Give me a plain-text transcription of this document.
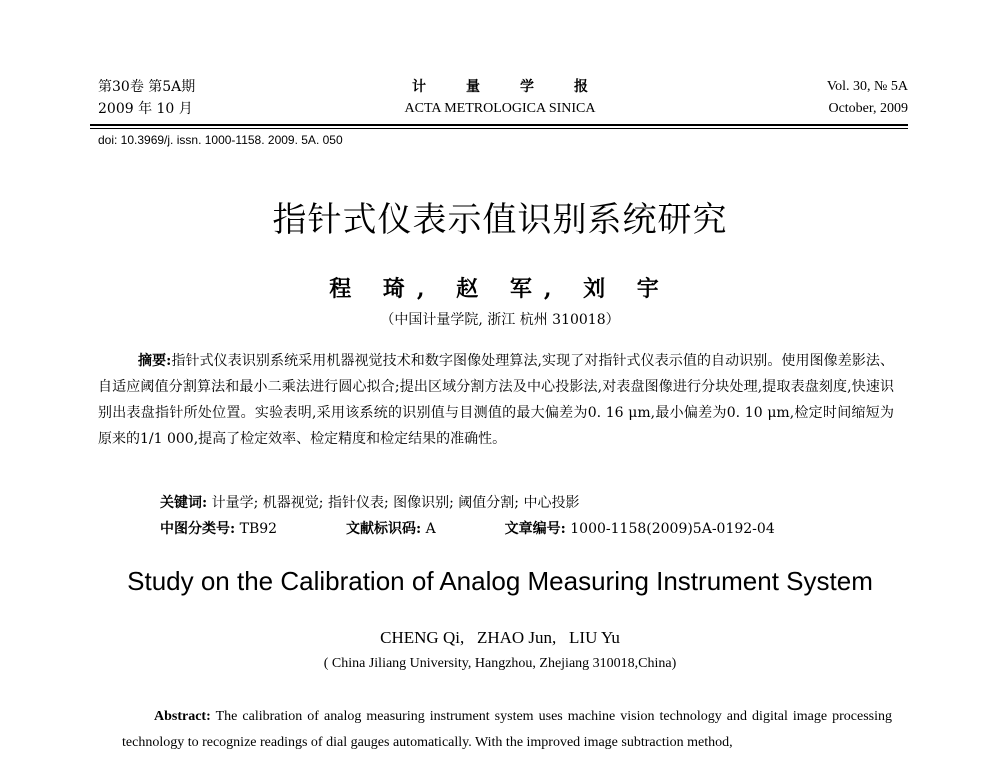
第30卷 第5A期
2009 年 10 月
计量学报
ACTA METROLOGICA SINICA
Vol. 30, № 5A
October, 2009
doi: 10.3969/j. issn. 1000-1158. 2009. 5A. 050
指针式仪表示值识别系统研究
程 琦, 赵 军, 刘 宇
（中国计量学院, 浙江 杭州 310018）
摘要:指针式仪表识别系统采用机器视觉技术和数字图像处理算法,实现了对指针式仪表示值的自动识别。使用图像差影法、自适应阈值分割算法和最小二乘法进行圆心拟合;提出区域分割方法及中心投影法,对表盘图像进行分块处理,提取表盘刻度,快速识别出表盘指针所处位置。实验表明,采用该系统的识别值与目测值的最大偏差为0. 16 μm,最小偏差为0. 10 μm,检定时间缩短为原来的1/1 000,提高了检定效率、检定精度和检定结果的准确性。
关键词: 计量学; 机器视觉; 指针仪表; 图像识别; 阈值分割; 中心投影
中图分类号: TB92	文献标识码: A	文章编号: 1000-1158(2009)5A-0192-04
Study on the Calibration of Analog Measuring Instrument System
CHENG Qi,   ZHAO Jun,   LIU Yu
( China Jiliang University, Hangzhou, Zhejiang 310018,China)
Abstract: The calibration of analog measuring instrument system uses machine vision technology and digital image processing technology to recognize readings of dial gauges automatically. With the improved image subtraction method,
